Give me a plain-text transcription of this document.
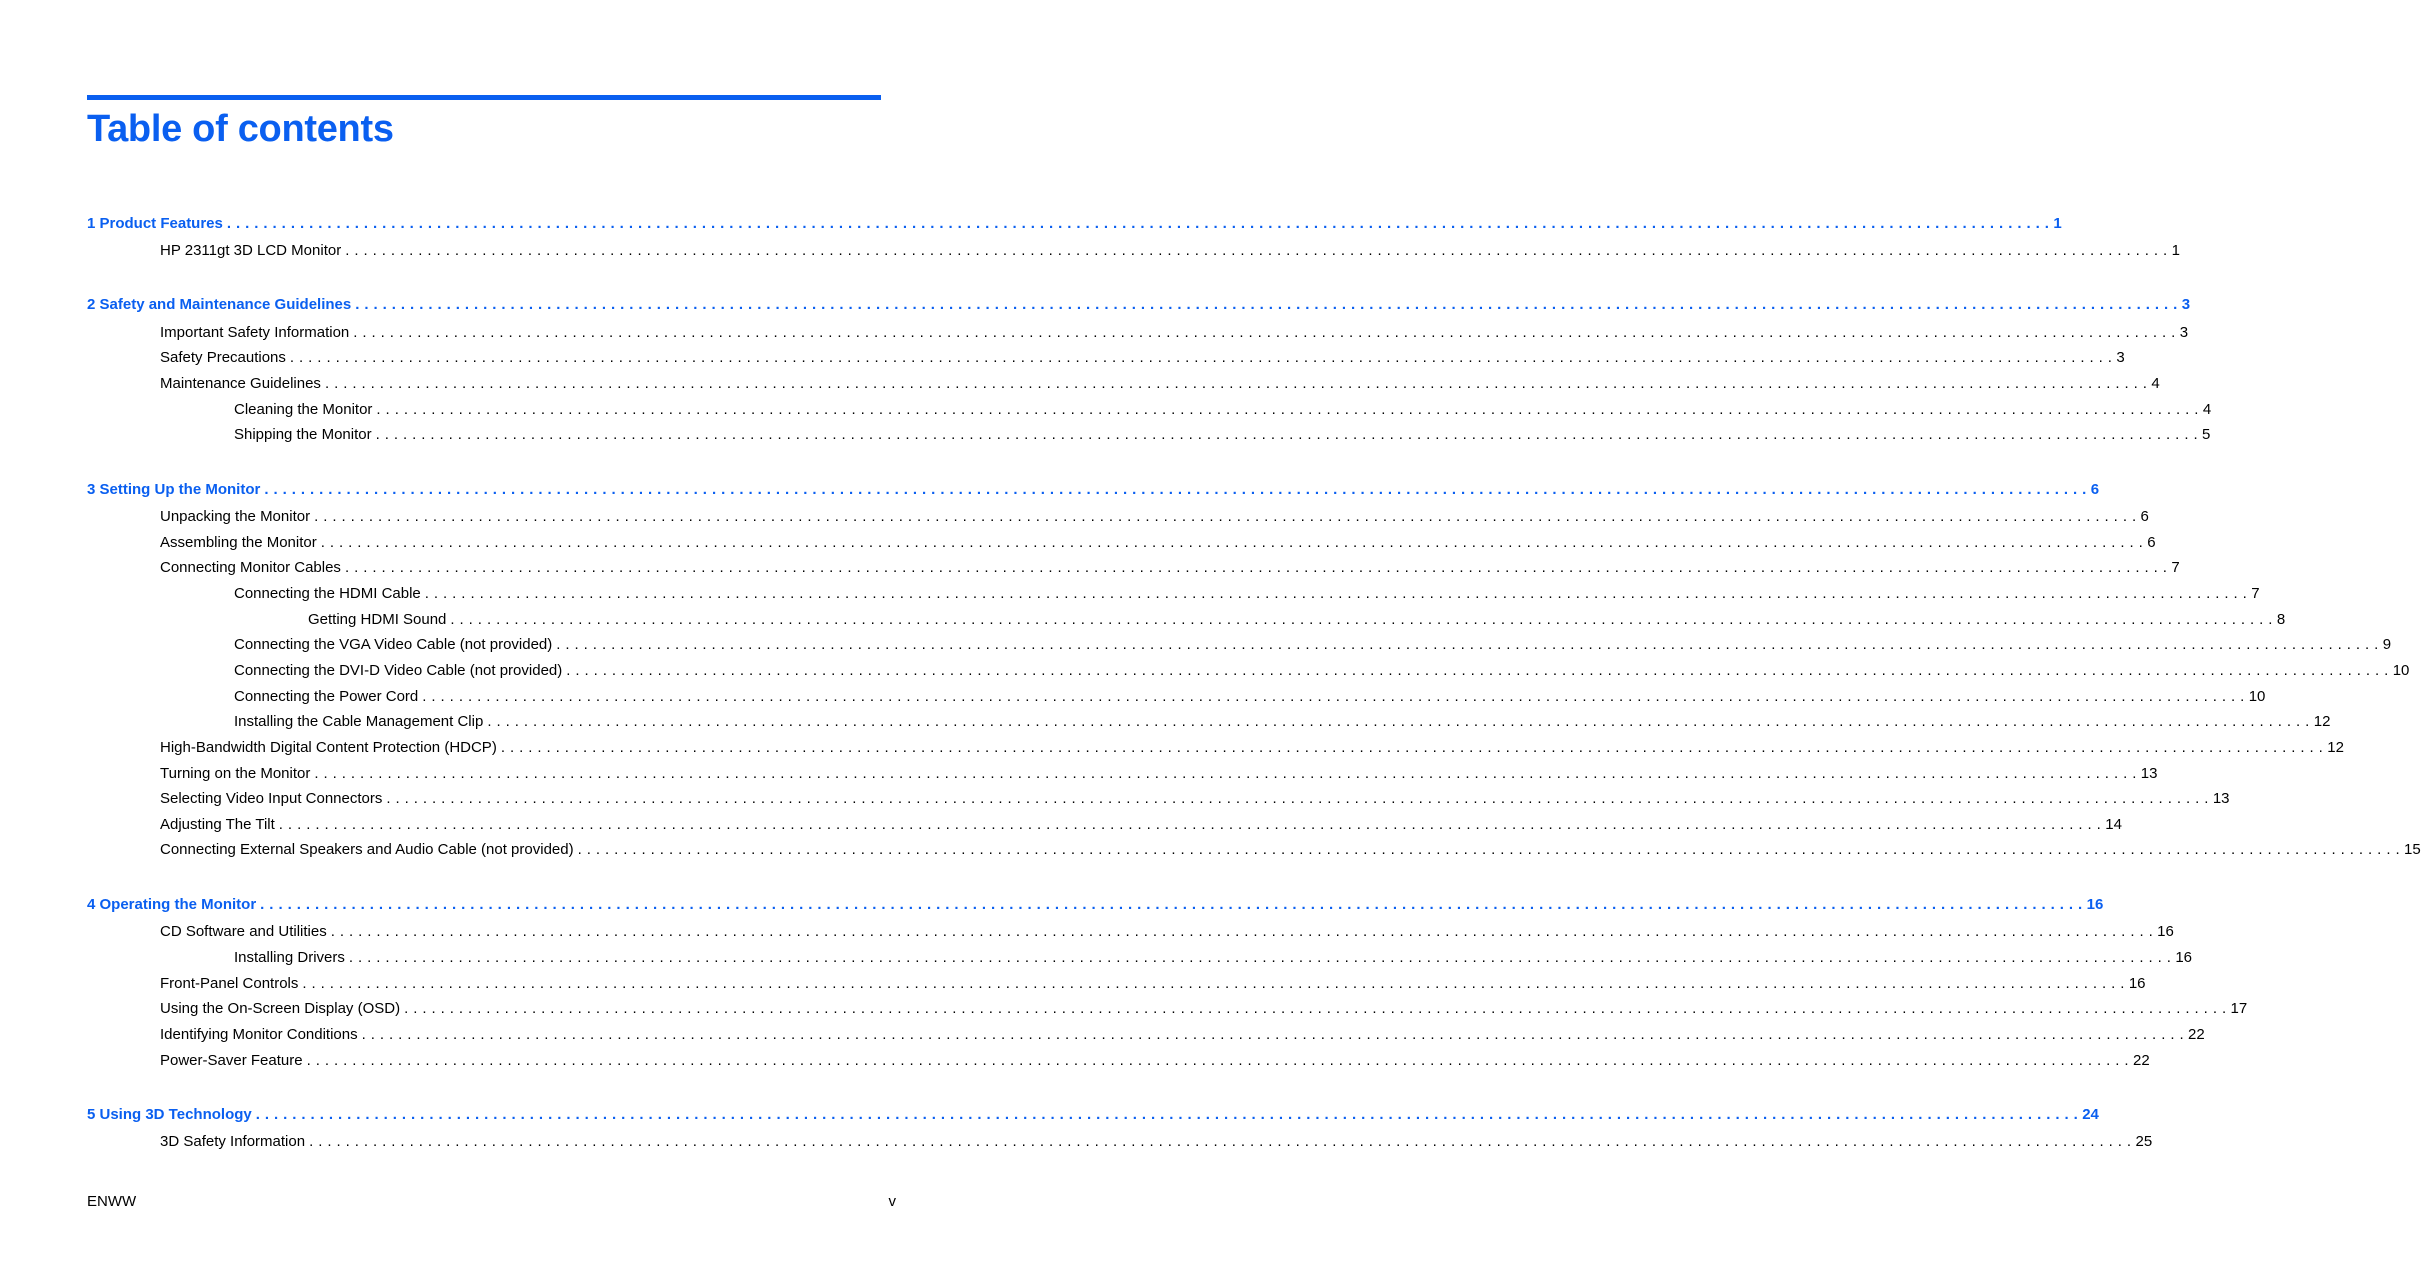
Table of contents
1 Product Features . . . . . . . . . . . . . . . . . . . . . . . . . . . . . . . . . . . . . . . . . . . . . . . . . . . . . . . . . . . . . . . . . . . . . . . . . . . . . . . . . . . . . . . . . . . . . . . . . . . . . . . . . . . . . . . . . . . . . . . . . . . . . . . . . . . . . . . . . . . . . . . . . . . . . . . . . . . . . . . . . . . . . . . . . . . . . . . . . . . . . . . . . . . . . . . . . . . . . . . . 1
HP 2311gt 3D LCD Monitor . . . . . . . . . . . . . . . . . . . . . . . . . . . . . . . . . . . . . . . . . . . . . . . . . . . . . . . . . . . . . . . . . . . . . . . . . . . . . . . . . . . . . . . . . . . . . . . . . . . . . . . . . . . . . . . . . . . . . . . . . . . . . . . . . . . . . . . . . . . . . . . . . . . . . . . . . . . . . . . . . . . . . . . . . . . . . . . . . . . . . . . . . . . . . . . . . . . . . . . . 1
2 Safety and Maintenance Guidelines . . . . . . . . . . . . . . . . . . . . . . . . . . . . . . . . . . . . . . . . . . . . . . . . . . . . . . . . . . . . . . . . . . . . . . . . . . . . . . . . . . . . . . . . . . . . . . . . . . . . . . . . . . . . . . . . . . . . . . . . . . . . . . . . . . . . . . . . . . . . . . . . . . . . . . . . . . . . . . . . . . . . . . . . . . . . . . . . . . . . . . . . . . . . . . . . . . . . . . . . 3
Important Safety Information . . . . . . . . . . . . . . . . . . . . . . . . . . . . . . . . . . . . . . . . . . . . . . . . . . . . . . . . . . . . . . . . . . . . . . . . . . . . . . . . . . . . . . . . . . . . . . . . . . . . . . . . . . . . . . . . . . . . . . . . . . . . . . . . . . . . . . . . . . . . . . . . . . . . . . . . . . . . . . . . . . . . . . . . . . . . . . . . . . . . . . . . . . . . . . . . . . . . . . . . 3
Safety Precautions . . . . . . . . . . . . . . . . . . . . . . . . . . . . . . . . . . . . . . . . . . . . . . . . . . . . . . . . . . . . . . . . . . . . . . . . . . . . . . . . . . . . . . . . . . . . . . . . . . . . . . . . . . . . . . . . . . . . . . . . . . . . . . . . . . . . . . . . . . . . . . . . . . . . . . . . . . . . . . . . . . . . . . . . . . . . . . . . . . . . . . . . . . . . . . . . . . . . . . . . 3
Maintenance Guidelines . . . . . . . . . . . . . . . . . . . . . . . . . . . . . . . . . . . . . . . . . . . . . . . . . . . . . . . . . . . . . . . . . . . . . . . . . . . . . . . . . . . . . . . . . . . . . . . . . . . . . . . . . . . . . . . . . . . . . . . . . . . . . . . . . . . . . . . . . . . . . . . . . . . . . . . . . . . . . . . . . . . . . . . . . . . . . . . . . . . . . . . . . . . . . . . . . . . . . . . . 4
Cleaning the Monitor . . . . . . . . . . . . . . . . . . . . . . . . . . . . . . . . . . . . . . . . . . . . . . . . . . . . . . . . . . . . . . . . . . . . . . . . . . . . . . . . . . . . . . . . . . . . . . . . . . . . . . . . . . . . . . . . . . . . . . . . . . . . . . . . . . . . . . . . . . . . . . . . . . . . . . . . . . . . . . . . . . . . . . . . . . . . . . . . . . . . . . . . . . . . . . . . . . . . . . . . 4
Shipping the Monitor . . . . . . . . . . . . . . . . . . . . . . . . . . . . . . . . . . . . . . . . . . . . . . . . . . . . . . . . . . . . . . . . . . . . . . . . . . . . . . . . . . . . . . . . . . . . . . . . . . . . . . . . . . . . . . . . . . . . . . . . . . . . . . . . . . . . . . . . . . . . . . . . . . . . . . . . . . . . . . . . . . . . . . . . . . . . . . . . . . . . . . . . . . . . . . . . . . . . . . . . 5
3 Setting Up the Monitor . . . . . . . . . . . . . . . . . . . . . . . . . . . . . . . . . . . . . . . . . . . . . . . . . . . . . . . . . . . . . . . . . . . . . . . . . . . . . . . . . . . . . . . . . . . . . . . . . . . . . . . . . . . . . . . . . . . . . . . . . . . . . . . . . . . . . . . . . . . . . . . . . . . . . . . . . . . . . . . . . . . . . . . . . . . . . . . . . . . . . . . . . . . . . . . . . . . . . . . . 6
Unpacking the Monitor . . . . . . . . . . . . . . . . . . . . . . . . . . . . . . . . . . . . . . . . . . . . . . . . . . . . . . . . . . . . . . . . . . . . . . . . . . . . . . . . . . . . . . . . . . . . . . . . . . . . . . . . . . . . . . . . . . . . . . . . . . . . . . . . . . . . . . . . . . . . . . . . . . . . . . . . . . . . . . . . . . . . . . . . . . . . . . . . . . . . . . . . . . . . . . . . . . . . . . . . 6
Assembling the Monitor . . . . . . . . . . . . . . . . . . . . . . . . . . . . . . . . . . . . . . . . . . . . . . . . . . . . . . . . . . . . . . . . . . . . . . . . . . . . . . . . . . . . . . . . . . . . . . . . . . . . . . . . . . . . . . . . . . . . . . . . . . . . . . . . . . . . . . . . . . . . . . . . . . . . . . . . . . . . . . . . . . . . . . . . . . . . . . . . . . . . . . . . . . . . . . . . . . . . . . . . 6
Connecting Monitor Cables . . . . . . . . . . . . . . . . . . . . . . . . . . . . . . . . . . . . . . . . . . . . . . . . . . . . . . . . . . . . . . . . . . . . . . . . . . . . . . . . . . . . . . . . . . . . . . . . . . . . . . . . . . . . . . . . . . . . . . . . . . . . . . . . . . . . . . . . . . . . . . . . . . . . . . . . . . . . . . . . . . . . . . . . . . . . . . . . . . . . . . . . . . . . . . . . . . . . . . . . 7
Connecting the HDMI Cable . . . . . . . . . . . . . . . . . . . . . . . . . . . . . . . . . . . . . . . . . . . . . . . . . . . . . . . . . . . . . . . . . . . . . . . . . . . . . . . . . . . . . . . . . . . . . . . . . . . . . . . . . . . . . . . . . . . . . . . . . . . . . . . . . . . . . . . . . . . . . . . . . . . . . . . . . . . . . . . . . . . . . . . . . . . . . . . . . . . . . . . . . . . . . . . . . . . . . . . . 7
Getting HDMI Sound . . . . . . . . . . . . . . . . . . . . . . . . . . . . . . . . . . . . . . . . . . . . . . . . . . . . . . . . . . . . . . . . . . . . . . . . . . . . . . . . . . . . . . . . . . . . . . . . . . . . . . . . . . . . . . . . . . . . . . . . . . . . . . . . . . . . . . . . . . . . . . . . . . . . . . . . . . . . . . . . . . . . . . . . . . . . . . . . . . . . . . . . . . . . . . . . . . . . . . . . 8
Connecting the VGA Video Cable (not provided) . . . . . . . . . . . . . . . . . . . . . . . . . . . . . . . . . . . . . . . . . . . . . . . . . . . . . . . . . . . . . . . . . . . . . . . . . . . . . . . . . . . . . . . . . . . . . . . . . . . . . . . . . . . . . . . . . . . . . . . . . . . . . . . . . . . . . . . . . . . . . . . . . . . . . . . . . . . . . . . . . . . . . . . . . . . . . . . . . . . . . . . . . . . . . . . . . . . . . . . . 9
Connecting the DVI-D Video Cable (not provided) . . . . . . . . . . . . . . . . . . . . . . . . . . . . . . . . . . . . . . . . . . . . . . . . . . . . . . . . . . . . . . . . . . . . . . . . . . . . . . . . . . . . . . . . . . . . . . . . . . . . . . . . . . . . . . . . . . . . . . . . . . . . . . . . . . . . . . . . . . . . . . . . . . . . . . . . . . . . . . . . . . . . . . . . . . . . . . . . . . . . . . . . . . . . . . . . . . . . . . . . 10
Connecting the Power Cord . . . . . . . . . . . . . . . . . . . . . . . . . . . . . . . . . . . . . . . . . . . . . . . . . . . . . . . . . . . . . . . . . . . . . . . . . . . . . . . . . . . . . . . . . . . . . . . . . . . . . . . . . . . . . . . . . . . . . . . . . . . . . . . . . . . . . . . . . . . . . . . . . . . . . . . . . . . . . . . . . . . . . . . . . . . . . . . . . . . . . . . . . . . . . . . . . . . . . . . . 10
Installing the Cable Management Clip . . . . . . . . . . . . . . . . . . . . . . . . . . . . . . . . . . . . . . . . . . . . . . . . . . . . . . . . . . . . . . . . . . . . . . . . . . . . . . . . . . . . . . . . . . . . . . . . . . . . . . . . . . . . . . . . . . . . . . . . . . . . . . . . . . . . . . . . . . . . . . . . . . . . . . . . . . . . . . . . . . . . . . . . . . . . . . . . . . . . . . . . . . . . . . . . . . . . . . . . 12
High-Bandwidth Digital Content Protection (HDCP) . . . . . . . . . . . . . . . . . . . . . . . . . . . . . . . . . . . . . . . . . . . . . . . . . . . . . . . . . . . . . . . . . . . . . . . . . . . . . . . . . . . . . . . . . . . . . . . . . . . . . . . . . . . . . . . . . . . . . . . . . . . . . . . . . . . . . . . . . . . . . . . . . . . . . . . . . . . . . . . . . . . . . . . . . . . . . . . . . . . . . . . . . . . . . . . . . . . . . . . . 12
Turning on the Monitor . . . . . . . . . . . . . . . . . . . . . . . . . . . . . . . . . . . . . . . . . . . . . . . . . . . . . . . . . . . . . . . . . . . . . . . . . . . . . . . . . . . . . . . . . . . . . . . . . . . . . . . . . . . . . . . . . . . . . . . . . . . . . . . . . . . . . . . . . . . . . . . . . . . . . . . . . . . . . . . . . . . . . . . . . . . . . . . . . . . . . . . . . . . . . . . . . . . . . . . . 13
Selecting Video Input Connectors . . . . . . . . . . . . . . . . . . . . . . . . . . . . . . . . . . . . . . . . . . . . . . . . . . . . . . . . . . . . . . . . . . . . . . . . . . . . . . . . . . . . . . . . . . . . . . . . . . . . . . . . . . . . . . . . . . . . . . . . . . . . . . . . . . . . . . . . . . . . . . . . . . . . . . . . . . . . . . . . . . . . . . . . . . . . . . . . . . . . . . . . . . . . . . . . . . . . . . . . 13
Adjusting The Tilt . . . . . . . . . . . . . . . . . . . . . . . . . . . . . . . . . . . . . . . . . . . . . . . . . . . . . . . . . . . . . . . . . . . . . . . . . . . . . . . . . . . . . . . . . . . . . . . . . . . . . . . . . . . . . . . . . . . . . . . . . . . . . . . . . . . . . . . . . . . . . . . . . . . . . . . . . . . . . . . . . . . . . . . . . . . . . . . . . . . . . . . . . . . . . . . . . . . . . . . . 14
Connecting External Speakers and Audio Cable (not provided) . . . . . . . . . . . . . . . . . . . . . . . . . . . . . . . . . . . . . . . . . . . . . . . . . . . . . . . . . . . . . . . . . . . . . . . . . . . . . . . . . . . . . . . . . . . . . . . . . . . . . . . . . . . . . . . . . . . . . . . . . . . . . . . . . . . . . . . . . . . . . . . . . . . . . . . . . . . . . . . . . . . . . . . . . . . . . . . . . . . . . . . . . . . . . . . . . . . . . . . . 15
4 Operating the Monitor . . . . . . . . . . . . . . . . . . . . . . . . . . . . . . . . . . . . . . . . . . . . . . . . . . . . . . . . . . . . . . . . . . . . . . . . . . . . . . . . . . . . . . . . . . . . . . . . . . . . . . . . . . . . . . . . . . . . . . . . . . . . . . . . . . . . . . . . . . . . . . . . . . . . . . . . . . . . . . . . . . . . . . . . . . . . . . . . . . . . . . . . . . . . . . . . . . . . . . . . 16
CD Software and Utilities . . . . . . . . . . . . . . . . . . . . . . . . . . . . . . . . . . . . . . . . . . . . . . . . . . . . . . . . . . . . . . . . . . . . . . . . . . . . . . . . . . . . . . . . . . . . . . . . . . . . . . . . . . . . . . . . . . . . . . . . . . . . . . . . . . . . . . . . . . . . . . . . . . . . . . . . . . . . . . . . . . . . . . . . . . . . . . . . . . . . . . . . . . . . . . . . . . . . . . . . 16
Installing Drivers . . . . . . . . . . . . . . . . . . . . . . . . . . . . . . . . . . . . . . . . . . . . . . . . . . . . . . . . . . . . . . . . . . . . . . . . . . . . . . . . . . . . . . . . . . . . . . . . . . . . . . . . . . . . . . . . . . . . . . . . . . . . . . . . . . . . . . . . . . . . . . . . . . . . . . . . . . . . . . . . . . . . . . . . . . . . . . . . . . . . . . . . . . . . . . . . . . . . . . . . 16
Front-Panel Controls . . . . . . . . . . . . . . . . . . . . . . . . . . . . . . . . . . . . . . . . . . . . . . . . . . . . . . . . . . . . . . . . . . . . . . . . . . . . . . . . . . . . . . . . . . . . . . . . . . . . . . . . . . . . . . . . . . . . . . . . . . . . . . . . . . . . . . . . . . . . . . . . . . . . . . . . . . . . . . . . . . . . . . . . . . . . . . . . . . . . . . . . . . . . . . . . . . . . . . . . 16
Using the On-Screen Display (OSD) . . . . . . . . . . . . . . . . . . . . . . . . . . . . . . . . . . . . . . . . . . . . . . . . . . . . . . . . . . . . . . . . . . . . . . . . . . . . . . . . . . . . . . . . . . . . . . . . . . . . . . . . . . . . . . . . . . . . . . . . . . . . . . . . . . . . . . . . . . . . . . . . . . . . . . . . . . . . . . . . . . . . . . . . . . . . . . . . . . . . . . . . . . . . . . . . . . . . . . . . 17
Identifying Monitor Conditions . . . . . . . . . . . . . . . . . . . . . . . . . . . . . . . . . . . . . . . . . . . . . . . . . . . . . . . . . . . . . . . . . . . . . . . . . . . . . . . . . . . . . . . . . . . . . . . . . . . . . . . . . . . . . . . . . . . . . . . . . . . . . . . . . . . . . . . . . . . . . . . . . . . . . . . . . . . . . . . . . . . . . . . . . . . . . . . . . . . . . . . . . . . . . . . . . . . . . . . . 22
Power-Saver Feature . . . . . . . . . . . . . . . . . . . . . . . . . . . . . . . . . . . . . . . . . . . . . . . . . . . . . . . . . . . . . . . . . . . . . . . . . . . . . . . . . . . . . . . . . . . . . . . . . . . . . . . . . . . . . . . . . . . . . . . . . . . . . . . . . . . . . . . . . . . . . . . . . . . . . . . . . . . . . . . . . . . . . . . . . . . . . . . . . . . . . . . . . . . . . . . . . . . . . . . . 22
5 Using 3D Technology . . . . . . . . . . . . . . . . . . . . . . . . . . . . . . . . . . . . . . . . . . . . . . . . . . . . . . . . . . . . . . . . . . . . . . . . . . . . . . . . . . . . . . . . . . . . . . . . . . . . . . . . . . . . . . . . . . . . . . . . . . . . . . . . . . . . . . . . . . . . . . . . . . . . . . . . . . . . . . . . . . . . . . . . . . . . . . . . . . . . . . . . . . . . . . . . . . . . . . . . 24
3D Safety Information . . . . . . . . . . . . . . . . . . . . . . . . . . . . . . . . . . . . . . . . . . . . . . . . . . . . . . . . . . . . . . . . . . . . . . . . . . . . . . . . . . . . . . . . . . . . . . . . . . . . . . . . . . . . . . . . . . . . . . . . . . . . . . . . . . . . . . . . . . . . . . . . . . . . . . . . . . . . . . . . . . . . . . . . . . . . . . . . . . . . . . . . . . . . . . . . . . . . . . . . 25
ENWW	v
